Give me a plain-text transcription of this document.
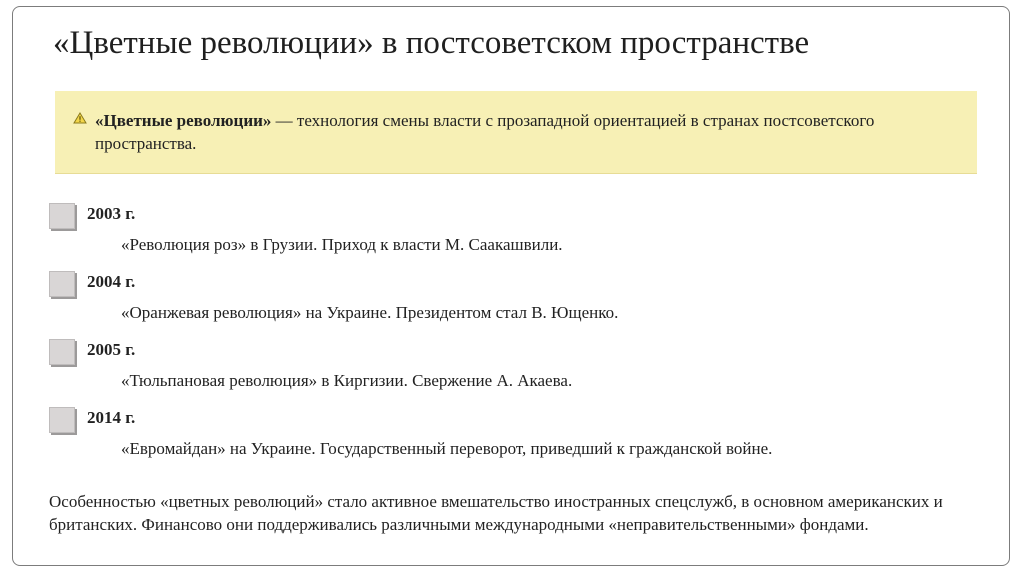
«Цветные революции» в постсоветском пространстве
«Цветные революции» — технология смены власти с прозападной ориентацией в странах постсоветского пространства.
2003 г.
«Революция роз» в Грузии. Приход к власти М. Саакашвили.
2004 г.
«Оранжевая революция» на Украине. Президентом стал В. Ющенко.
2005 г.
«Тюльпановая революция» в Киргизии. Свержение А. Акаева.
2014 г.
«Евромайдан» на Украине. Государственный переворот, приведший к гражданской войне.
Особенностью «цветных революций» стало активное вмешательство иностранных спецслужб, в основном американских и британских. Финансово они поддерживались различными международными «неправительственными» фондами.
